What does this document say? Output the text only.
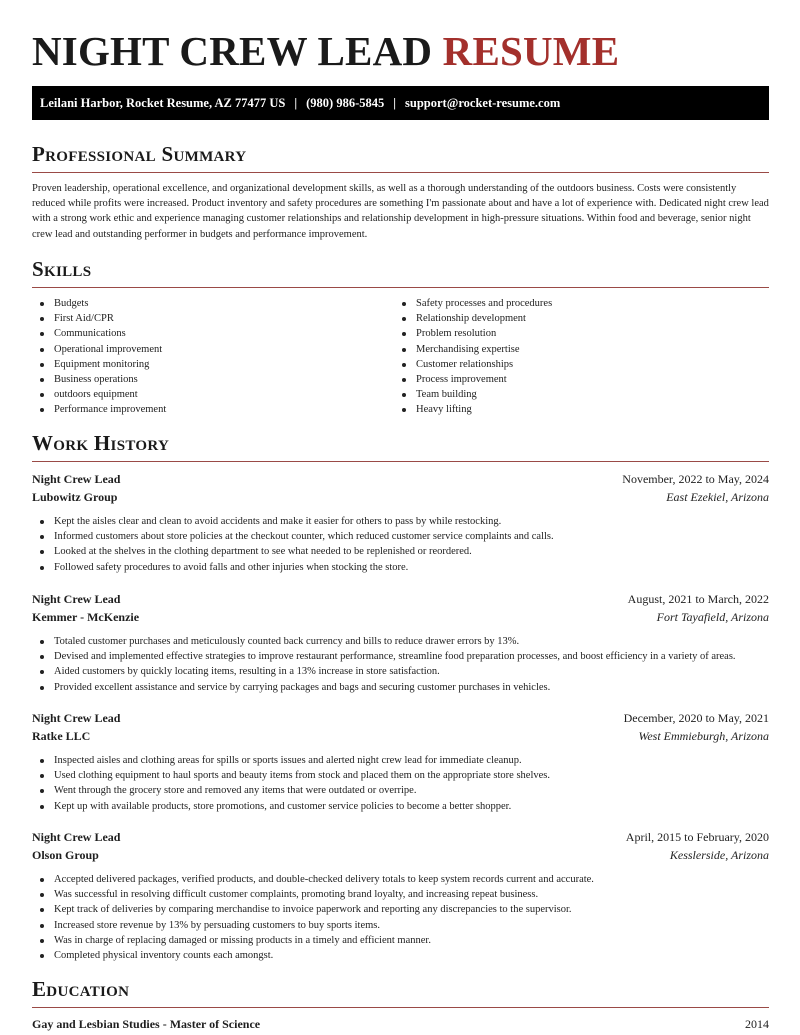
NIGHT CREW LEAD RESUME
Leilani Harbor, Rocket Resume, AZ 77477 US | (980) 986-5845 | support@rocket-resume.com
Professional Summary

Proven leadership, operational excellence, and organizational development skills, as well as a thorough understanding of the outdoors business. Costs were consistently reduced while profits were increased. Product inventory and safety procedures are something I'm passionate about and have a lot of experience with. Dedicated night crew lead with a strong work ethic and experience managing customer relationships and relationship development in high-pressure situations. Within food and beverage, senior night crew lead and outstanding performer in budgets and performance improvement.

Skills
Budgets
First Aid/CPR
Communications
Operational improvement
Equipment monitoring
Business operations
outdoors equipment
Performance improvement
Safety processes and procedures
Relationship development
Problem resolution
Merchandising expertise
Customer relationships
Process improvement
Team building
Heavy lifting
Work History
Night Crew Lead	November, 2022 to May, 2024
Lubowitz Group	East Ezekiel, Arizona
Kept the aisles clear and clean to avoid accidents and make it easier for others to pass by while restocking.
Informed customers about store policies at the checkout counter, which reduced customer service complaints and calls.
Looked at the shelves in the clothing department to see what needed to be replenished or reordered.
Followed safety procedures to avoid falls and other injuries when stocking the store.
Night Crew Lead	August, 2021 to March, 2022
Kemmer - McKenzie	Fort Tayafield, Arizona
Totaled customer purchases and meticulously counted back currency and bills to reduce drawer errors by 13%.
Devised and implemented effective strategies to improve restaurant performance, streamline food preparation processes, and boost efficiency in a variety of areas.
Aided customers by quickly locating items, resulting in a 13% increase in store satisfaction.
Provided excellent assistance and service by carrying packages and bags and securing customer purchases in vehicles.
Night Crew Lead	December, 2020 to May, 2021
Ratke LLC	West Emmieburgh, Arizona
Inspected aisles and clothing areas for spills or sports issues and alerted night crew lead for immediate cleanup.
Used clothing equipment to haul sports and beauty items from stock and placed them on the appropriate store shelves.
Went through the grocery store and removed any items that were outdated or overripe.
Kept up with available products, store promotions, and customer service policies to become a better shopper.
Night Crew Lead	April, 2015 to February, 2020
Olson Group	Kesslerside, Arizona
Accepted delivered packages, verified products, and double-checked delivery totals to keep system records current and accurate.
Was successful in resolving difficult customer complaints, promoting brand loyalty, and increasing repeat business.
Kept track of deliveries by comparing merchandise to invoice paperwork and reporting any discrepancies to the supervisor.
Increased store revenue by 13% by persuading customers to buy sports items.
Was in charge of replacing damaged or missing products in a timely and efficient manner.
Completed physical inventory counts each amongst.
Education
Gay and Lesbian Studies - Master of Science	2014
